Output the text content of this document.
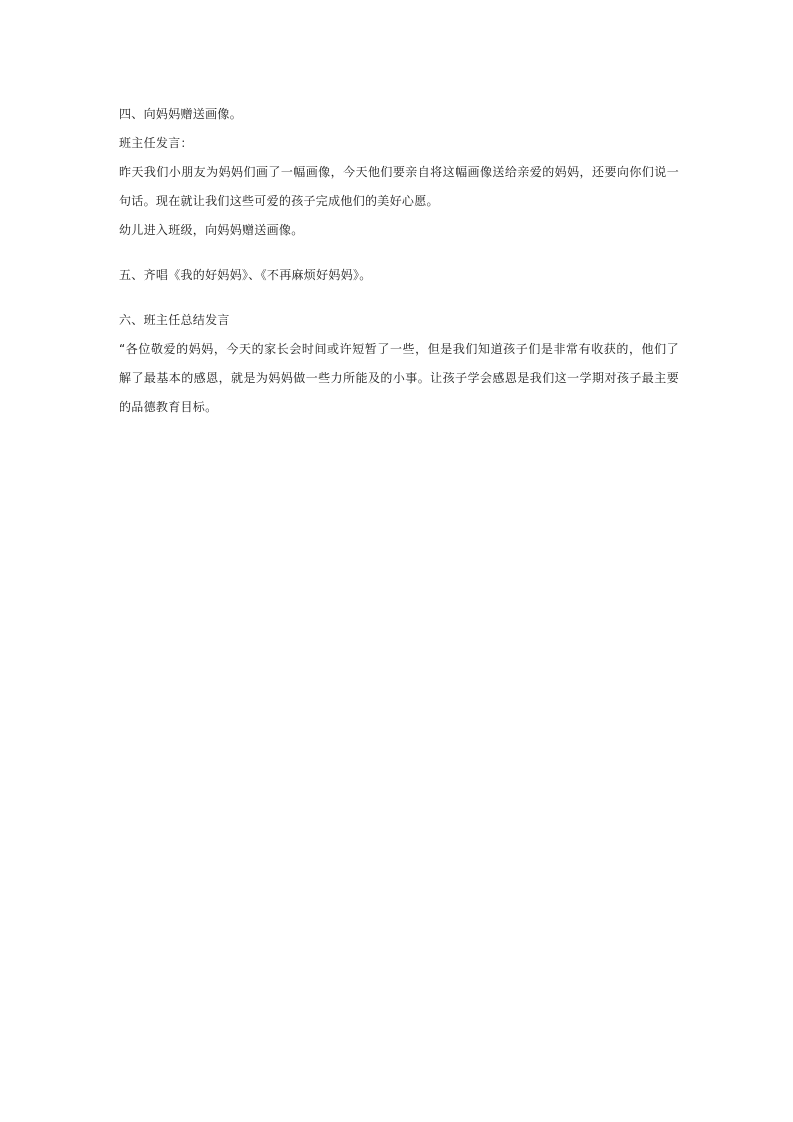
四、向妈妈赠送画像。
班主任发言：
昨天我们小朋友为妈妈们画了一幅画像，今天他们要亲自将这幅画像送给亲爱的妈妈，还要向你们说一句话。现在就让我们这些可爱的孩子完成他们的美好心愿。
幼儿进入班级，向妈妈赠送画像。
五、齐唱《我的好妈妈》、《不再麻烦好妈妈》。
六、班主任总结发言
“各位敬爱的妈妈，今天的家长会时间或许短暂了一些，但是我们知道孩子们是非常有收获的，他们了解了最基本的感恩，就是为妈妈做一些力所能及的小事。让孩子学会感恩是我们这一学期对孩子最主要的品德教育目标。
